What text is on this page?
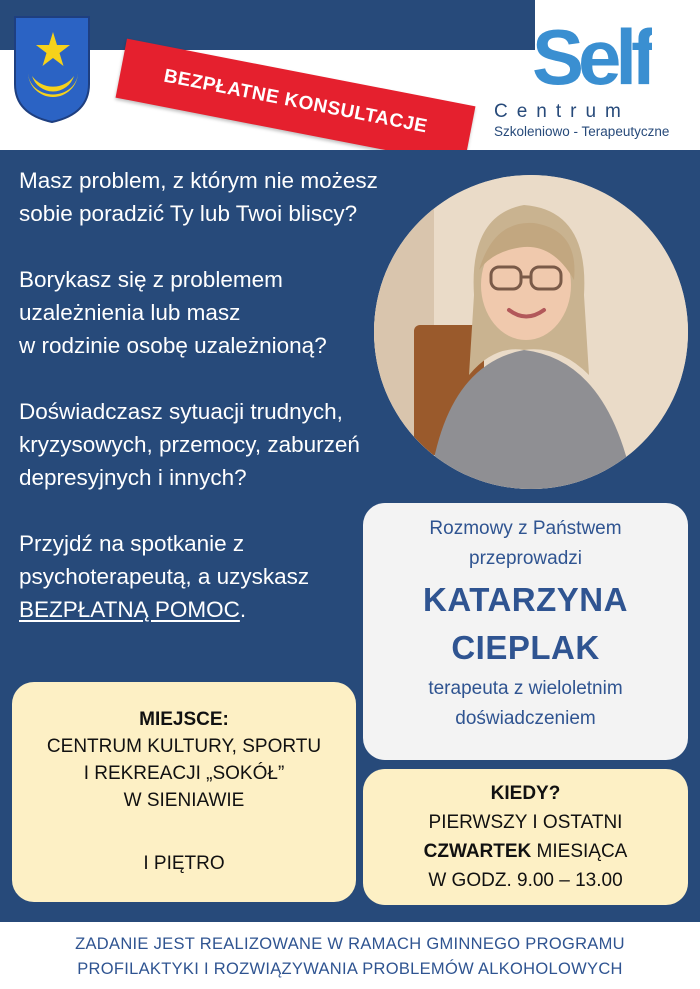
BEZPŁATNE KONSULTACJE
Self
Centrum
Szkoleniowo - Terapeutyczne

Masz problem, z którym nie możesz
sobie poradzić Ty lub Twoi bliscy?

Borykasz się z problemem
uzależnienia lub masz
w rodzinie osobę uzależnioną?

Doświadczasz sytuacji trudnych,
kryzysowych, przemocy, zaburzeń
depresyjnych i innych?

Przyjdź na spotkanie z
psychoterapeutą, a uzyskasz
BEZPŁATNĄ POMOC.

Rozmowy z Państwem
przeprowadzi
KATARZYNA
CIEPLAK
terapeuta z wieloletnim
doświadczeniem
MIEJSCE:
CENTRUM KULTURY, SPORTU
I REKREACJI „SOKÓŁ”
W SIENIAWIE
I PIĘTRO
KIEDY?
PIERWSZY I OSTATNI
CZWARTEK MIESIĄCA
W GODZ. 9.00 – 13.00
ZADANIE JEST REALIZOWANE W RAMACH GMINNEGO PROGRAMU
PROFILAKTYKI I ROZWIĄZYWANIA PROBLEMÓW ALKOHOLOWYCH
